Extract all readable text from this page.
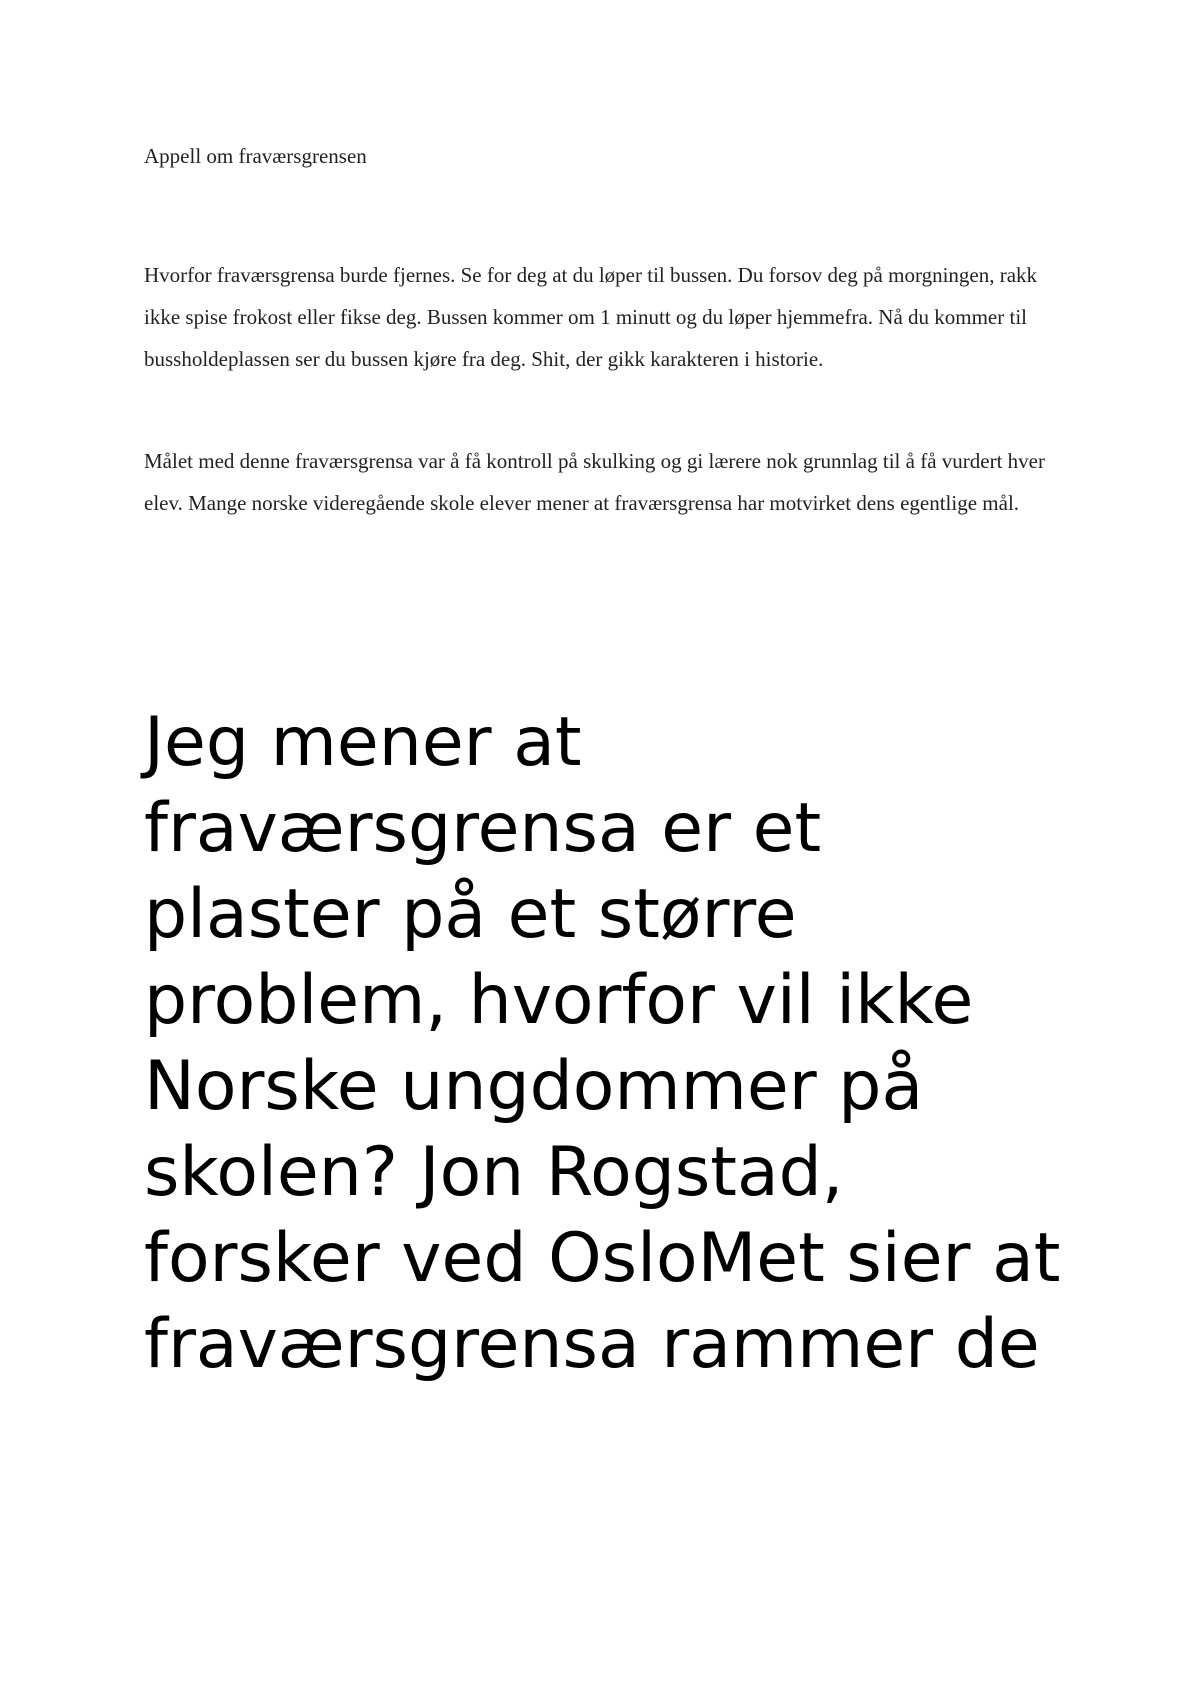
Appell om fraværsgrensen

Hvorfor fraværsgrensa burde fjernes. Se for deg at du løper til bussen. Du forsov deg på morgningen, rakk ikke spise frokost eller fikse deg. Bussen kommer om 1 minutt og du løper hjemmefra. Nå du kommer til bussholdeplassen ser du bussen kjøre fra deg. Shit, der gikk karakteren i historie.

Målet med denne fraværsgrensa var å få kontroll på skulking og gi lærere nok grunnlag til å få vurdert hver elev. Mange norske videregående skole elever mener at fraværsgrensa har motvirket dens egentlige mål.

Jeg mener at fraværsgrensa er et plaster på et større problem, hvorfor vil ikke Norske ungdommer på skolen? Jon Rogstad, forsker ved OsloMet sier at fraværsgrensa rammer de
